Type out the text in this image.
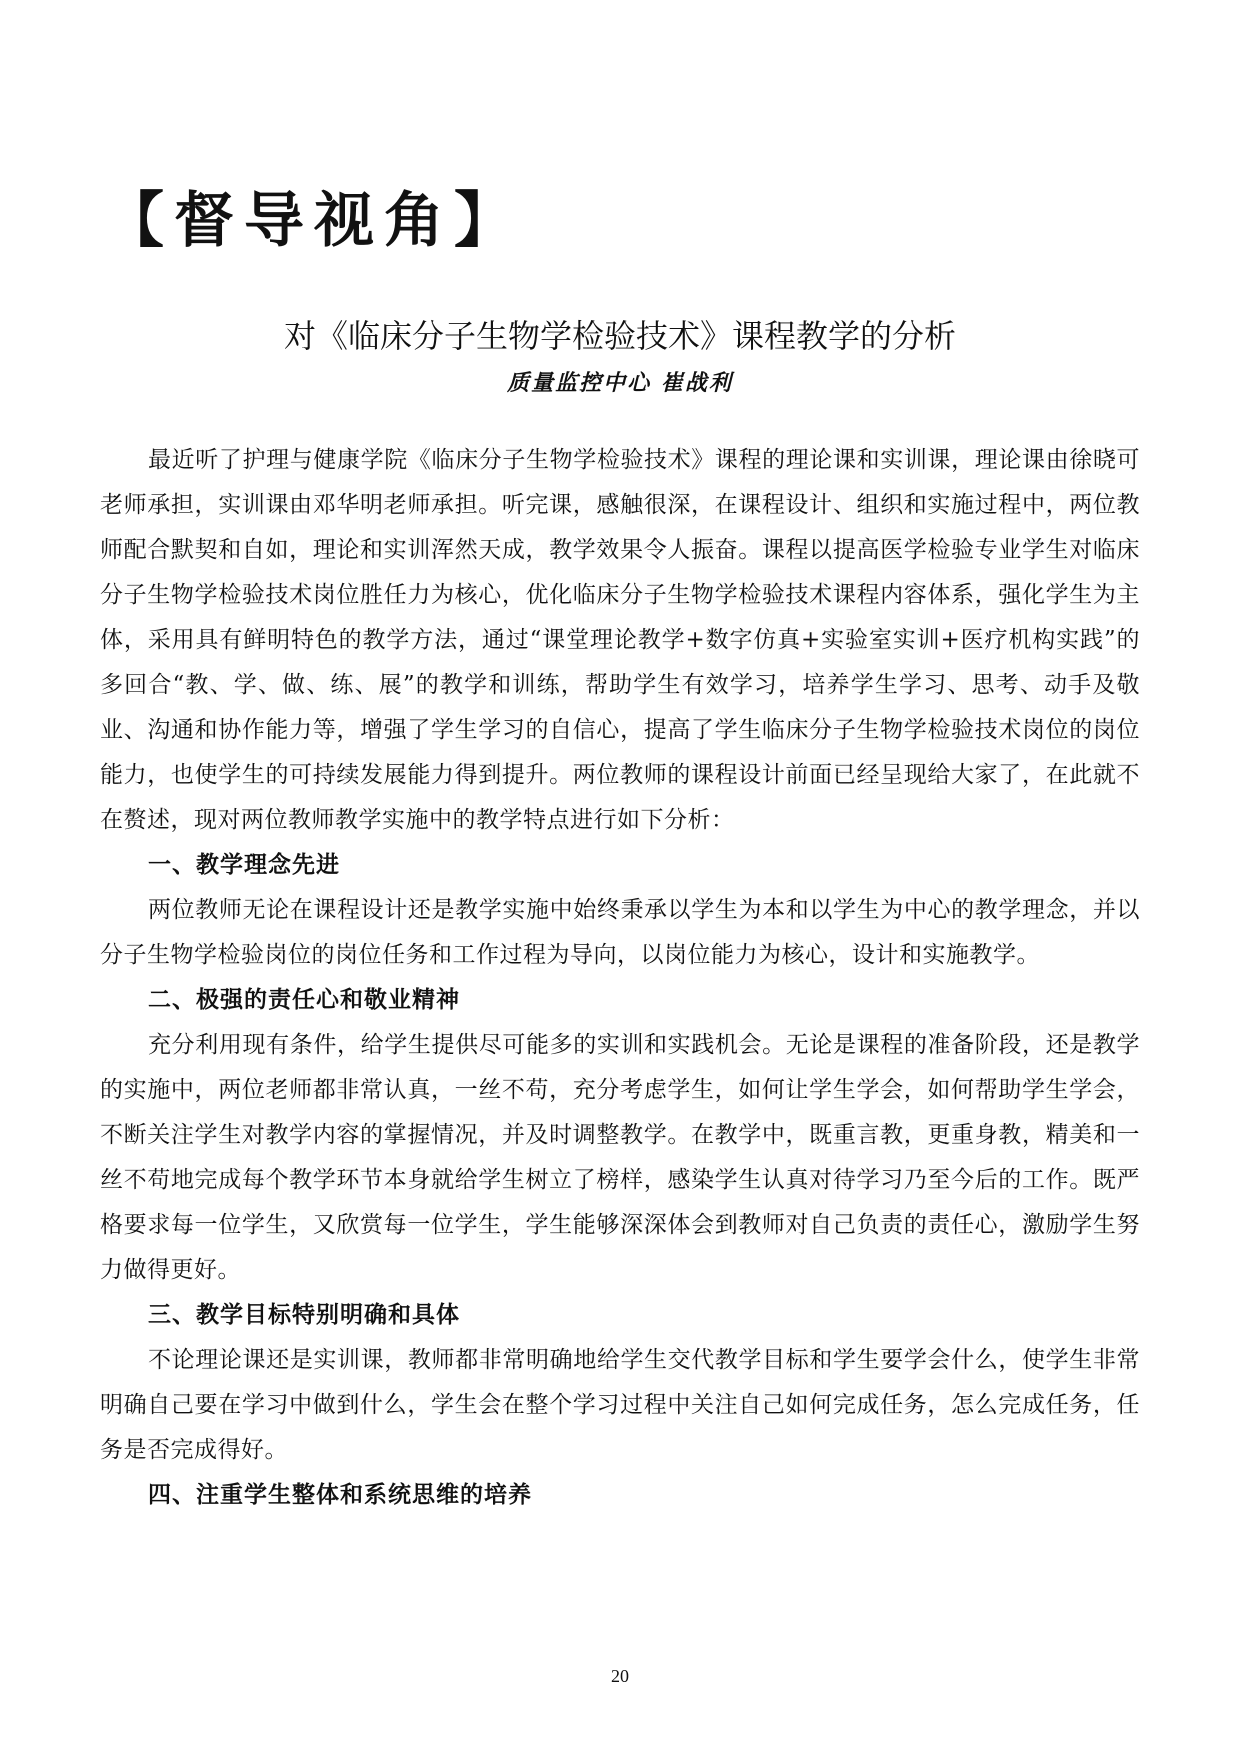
【督导视角】
对《临床分子生物学检验技术》课程教学的分析
质量监控中心 崔战利

最近听了护理与健康学院《临床分子生物学检验技术》课程的理论课和实训课，理论课由徐晓可老师承担，实训课由邓华明老师承担。听完课，感触很深，在课程设计、组织和实施过程中，两位教师配合默契和自如，理论和实训浑然天成，教学效果令人振奋。课程以提高医学检验专业学生对临床分子生物学检验技术岗位胜任力为核心，优化临床分子生物学检验技术课程内容体系，强化学生为主体，采用具有鲜明特色的教学方法，通过“课堂理论教学+数字仿真+实验室实训+医疗机构实践”的多回合“教、学、做、练、展”的教学和训练，帮助学生有效学习，培养学生学习、思考、动手及敬业、沟通和协作能力等，增强了学生学习的自信心，提高了学生临床分子生物学检验技术岗位的岗位能力，也使学生的可持续发展能力得到提升。两位教师的课程设计前面已经呈现给大家了，在此就不在赘述，现对两位教师教学实施中的教学特点进行如下分析：

一、教学理念先进

两位教师无论在课程设计还是教学实施中始终秉承以学生为本和以学生为中心的教学理念，并以分子生物学检验岗位的岗位任务和工作过程为导向，以岗位能力为核心，设计和实施教学。

二、极强的责任心和敬业精神

充分利用现有条件，给学生提供尽可能多的实训和实践机会。无论是课程的准备阶段，还是教学的实施中，两位老师都非常认真，一丝不苟，充分考虑学生，如何让学生学会，如何帮助学生学会，不断关注学生对教学内容的掌握情况，并及时调整教学。在教学中，既重言教，更重身教，精美和一丝不苟地完成每个教学环节本身就给学生树立了榜样，感染学生认真对待学习乃至今后的工作。既严格要求每一位学生，又欣赏每一位学生，学生能够深深体会到教师对自己负责的责任心，激励学生努力做得更好。

三、教学目标特别明确和具体

不论理论课还是实训课，教师都非常明确地给学生交代教学目标和学生要学会什么，使学生非常明确自己要在学习中做到什么，学生会在整个学习过程中关注自己如何完成任务，怎么完成任务，任务是否完成得好。

四、注重学生整体和系统思维的培养
20
